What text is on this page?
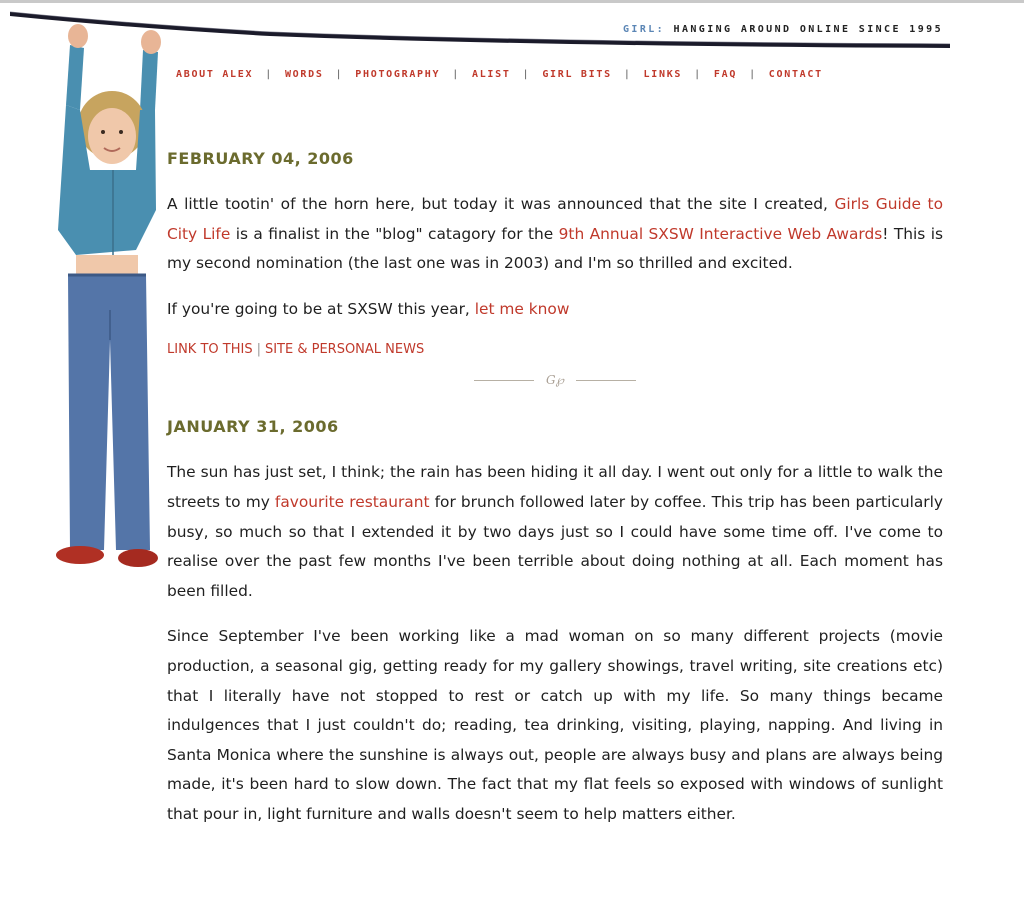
GIRL: HANGING AROUND ONLINE SINCE 1995
ABOUT ALEX | WORDS | PHOTOGRAPHY | ALIST | GIRL BITS | LINKS | FAQ | CONTACT
FEBRUARY 04, 2006

A little tootin' of the horn here, but today it was announced that the site I created, Girls Guide to City Life is a finalist in the "blog" catagory for the 9th Annual SXSW Interactive Web Awards! This is my second nomination (the last one was in 2003) and I'm so thrilled and excited.

If you're going to be at SXSW this year, let me know

LINK TO THIS | SITE & PERSONAL NEWS

G℘
JANUARY 31, 2006

The sun has just set, I think; the rain has been hiding it all day. I went out only for a little to walk the streets to my favourite restaurant for brunch followed later by coffee. This trip has been particularly busy, so much so that I extended it by two days just so I could have some time off. I've come to realise over the past few months I've been terrible about doing nothing at all. Each moment has been filled.

Since September I've been working like a mad woman on so many different projects (movie production, a seasonal gig, getting ready for my gallery showings, travel writing, site creations etc) that I literally have not stopped to rest or catch up with my life. So many things became indulgences that I just couldn't do; reading, tea drinking, visiting, playing, napping. And living in Santa Monica where the sunshine is always out, people are always busy and plans are always being made, it's been hard to slow down. The fact that my flat feels so exposed with windows of sunlight that pour in, light furniture and walls doesn't seem to help matters either.
